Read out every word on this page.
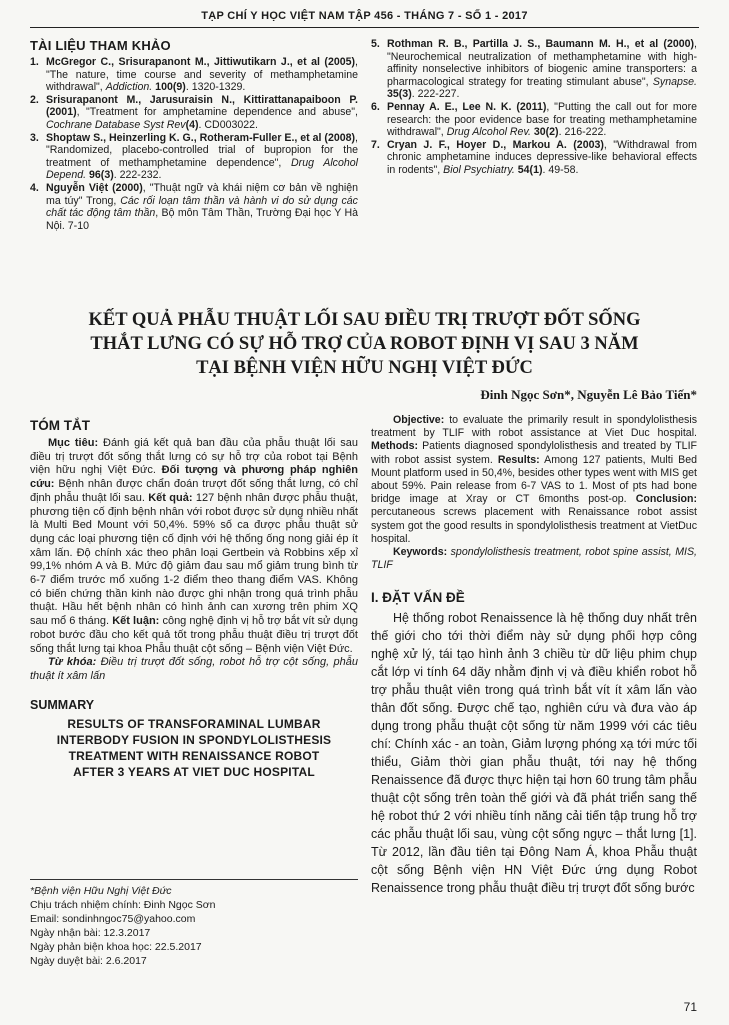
TẠP CHÍ Y HỌC VIỆT NAM TẬP 456 - THÁNG 7 - SỐ 1 - 2017
TÀI LIỆU THAM KHẢO
1. McGregor C., Srisurapanont M., Jittiwutikarn J., et al (2005), "The nature, time course and severity of methamphetamine withdrawal", Addiction. 100(9). 1320-1329.
2. Srisurapanont M., Jarusuraisin N., Kittirattanapaiboon P. (2001), "Treatment for amphetamine dependence and abuse", Cochrane Database Syst Rev(4). CD003022.
3. Shoptaw S., Heinzerling K. G., Rotheram-Fuller E., et al (2008), "Randomized, placebo-controlled trial of bupropion for the treatment of methamphetamine dependence", Drug Alcohol Depend. 96(3). 222-232.
4. Nguyễn Việt (2000), "Thuật ngữ và khái niệm cơ bản về nghiện ma túy" Trong, Các rối loạn tâm thần và hành vi do sử dụng các chất tác động tâm thần, Bộ môn Tâm Thần, Trường Đại học Y Hà Nội. 7-10
5. Rothman R. B., Partilla J. S., Baumann M. H., et al (2000), "Neurochemical neutralization of methamphetamine with high-affinity nonselective inhibitors of biogenic amine transporters: a pharmacological strategy for treating stimulant abuse", Synapse. 35(3). 222-227.
6. Pennay A. E., Lee N. K. (2011), "Putting the call out for more research: the poor evidence base for treating methamphetamine withdrawal", Drug Alcohol Rev. 30(2). 216-222.
7. Cryan J. F., Hoyer D., Markou A. (2003), "Withdrawal from chronic amphetamine induces depressive-like behavioral effects in rodents", Biol Psychiatry. 54(1). 49-58.
KẾT QUẢ PHẪU THUẬT LỐI SAU ĐIỀU TRỊ TRƯỢT ĐỐT SỐNG
THẮT LƯNG CÓ SỰ HỖ TRỢ CỦA ROBOT ĐỊNH VỊ SAU 3 NĂM
TẠI BỆNH VIỆN HỮU NGHỊ VIỆT ĐỨC
Đinh Ngọc Sơn*, Nguyễn Lê Bảo Tiến*
TÓM TẮT

Mục tiêu: Đánh giá kết quả ban đầu của phẫu thuật lối sau điều trị trượt đốt sống thắt lưng có sự hỗ trợ của robot tại Bệnh viện hữu nghị Việt Đức. Đối tượng và phương pháp nghiên cứu: Bệnh nhân được chẩn đoán trượt đốt sống thắt lưng, có chỉ định phẫu thuật lối sau. Kết quả: 127 bệnh nhân được phẫu thuật, phương tiện cố định bệnh nhân với robot được sử dụng nhiều nhất là Multi Bed Mount với 50,4%. 59% số ca được phẫu thuật sử dụng các loại phương tiện cố định với hệ thống ống nong giải ép ít xâm lấn. Độ chính xác theo phân loại Gertbein và Robbins xếp xỉ 99,1% nhóm A và B. Mức độ giảm đau sau mổ giảm trung bình từ 6-7 điểm trước mổ xuống 1-2 điểm theo thang điểm VAS. Không có biến chứng thần kinh nào được ghi nhận trong quá trình phẫu thuật. Hầu hết bệnh nhân có hình ảnh can xương trên phim XQ sau mổ 6 tháng. Kết luận: công nghệ định vị hỗ trợ bắt vít sử dụng robot bước đầu cho kết quả tốt trong phẫu thuật điều trị trượt đốt sống thắt lưng tại khoa Phẫu thuật cột sống – Bệnh viện Việt Đức.

Từ khóa: Điều trị trượt đốt sống, robot hỗ trợ cột sống, phẫu thuật ít xâm lấn

SUMMARY
RESULTS OF TRANSFORAMINAL LUMBAR
INTERBODY FUSION IN SPONDYLOLISTHESIS
TREATMENT WITH RENAISSANCE ROBOT
AFTER 3 YEARS AT VIET DUC HOSPITAL
*Bệnh viện Hữu Nghị Việt Đức
Chịu trách nhiệm chính: Đinh Ngọc Sơn
Email: sondinhngoc75@yahoo.com
Ngày nhận bài: 12.3.2017
Ngày phản biện khoa học: 22.5.2017
Ngày duyệt bài: 2.6.2017

Objective: to evaluate the primarily result in spondylolisthesis treatment by TLIF with robot assistance at Viet Duc hospital. Methods: Patients diagnosed spondylolisthesis and treated by TLIF with robot assist system. Results: Among 127 patients, Multi Bed Mount platform used in 50,4%, besides other types went with MIS get about 59%. Pain release from 6-7 VAS to 1. Most of pts had bone bridge image at Xray or CT 6months post-op. Conclusion: percutaneous screws placement with Renaissance robot assist system got the good results in spondylolisthesis treatment at VietDuc hospital.

Keywords: spondylolisthesis treatment, robot spine assist, MIS, TLIF

I. ĐẶT VẤN ĐỀ

Hệ thống robot Renaissence là hệ thống duy nhất trên thế giới cho tới thời điểm này sử dụng phối hợp công nghệ xử lý, tái tạo hình ảnh 3 chiều từ dữ liệu phim chụp cắt lớp vi tính 64 dãy nhằm định vị và điều khiển robot hỗ trợ phẫu thuật viên trong quá trình bắt vít ít xâm lấn vào thân đốt sống. Được chế tạo, nghiên cứu và đưa vào áp dụng trong phẫu thuật cột sống từ năm 1999 với các tiêu chí: Chính xác - an toàn, Giảm lượng phóng xạ tới mức tối thiểu, Giảm thời gian phẫu thuật, tới nay hệ thống Renaissence đã được thực hiện tại hơn 60 trung tâm phẫu thuật cột sống trên toàn thế giới và đã phát triển sang thế hệ robot thứ 2 với nhiều tính năng cải tiến tập trung hỗ trợ các phẫu thuật lối sau, vùng cột sống ngực – thắt lưng [1]. Từ 2012, lần đầu tiên tại Đông Nam Á, khoa Phẫu thuật cột sống Bệnh viện HN Việt Đức ứng dụng Robot Renaissence trong phẫu thuật điều trị trượt đốt sống bước

71
